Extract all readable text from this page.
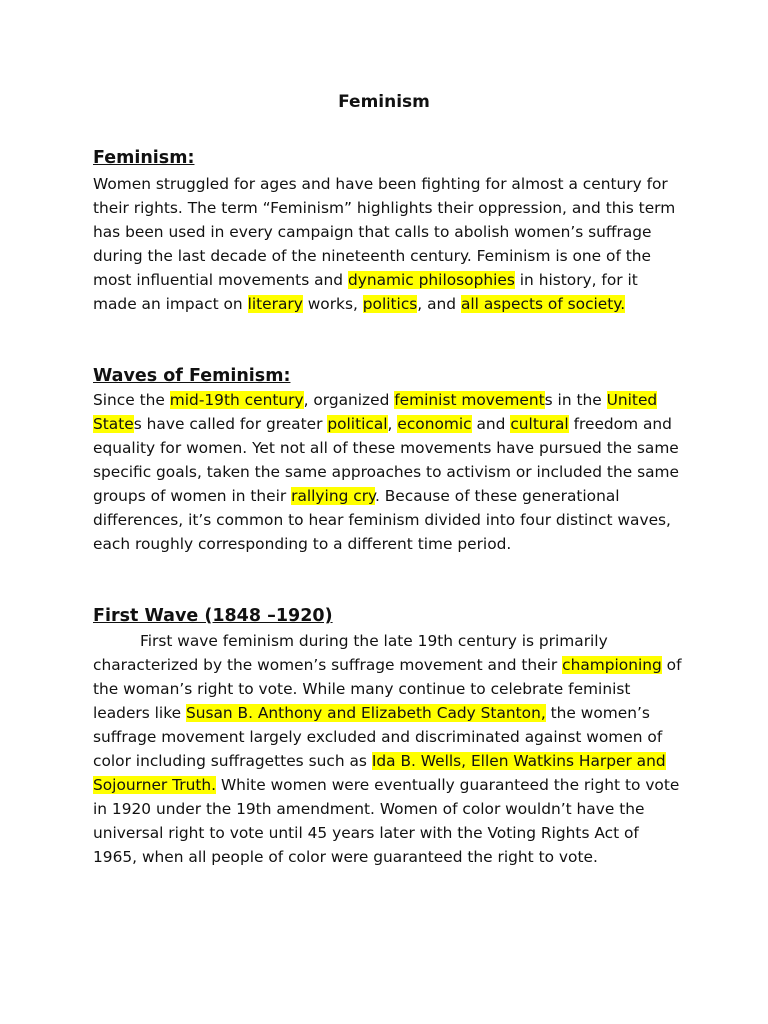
Feminism
Feminism:

Women struggled for ages and have been fighting for almost a century for their rights. The term “Feminism” highlights their oppression, and this term has been used in every campaign that calls to abolish women’s suffrage during the last decade of the nineteenth century. Feminism is one of the most influential movements and dynamic philosophies in history, for it made an impact on literary works, politics, and all aspects of society.

Waves of Feminism:

Since the mid-19th century, organized feminist movements in the United States have called for greater political, economic and cultural freedom and equality for women. Yet not all of these movements have pursued the same specific goals, taken the same approaches to activism or included the same groups of women in their rallying cry. Because of these generational differences, it’s common to hear feminism divided into four distinct waves, each roughly corresponding to a different time period.

First Wave (1848 –1920)

First wave feminism during the late 19th century is primarily characterized by the women’s suffrage movement and their championing of the woman’s right to vote. While many continue to celebrate feminist leaders like Susan B. Anthony and Elizabeth Cady Stanton, the women’s suffrage movement largely excluded and discriminated against women of color including suffragettes such as Ida B. Wells, Ellen Watkins Harper and Sojourner Truth. White women were eventually guaranteed the right to vote in 1920 under the 19th amendment. Women of color wouldn’t have the universal right to vote until 45 years later with the Voting Rights Act of 1965, when all people of color were guaranteed the right to vote.
